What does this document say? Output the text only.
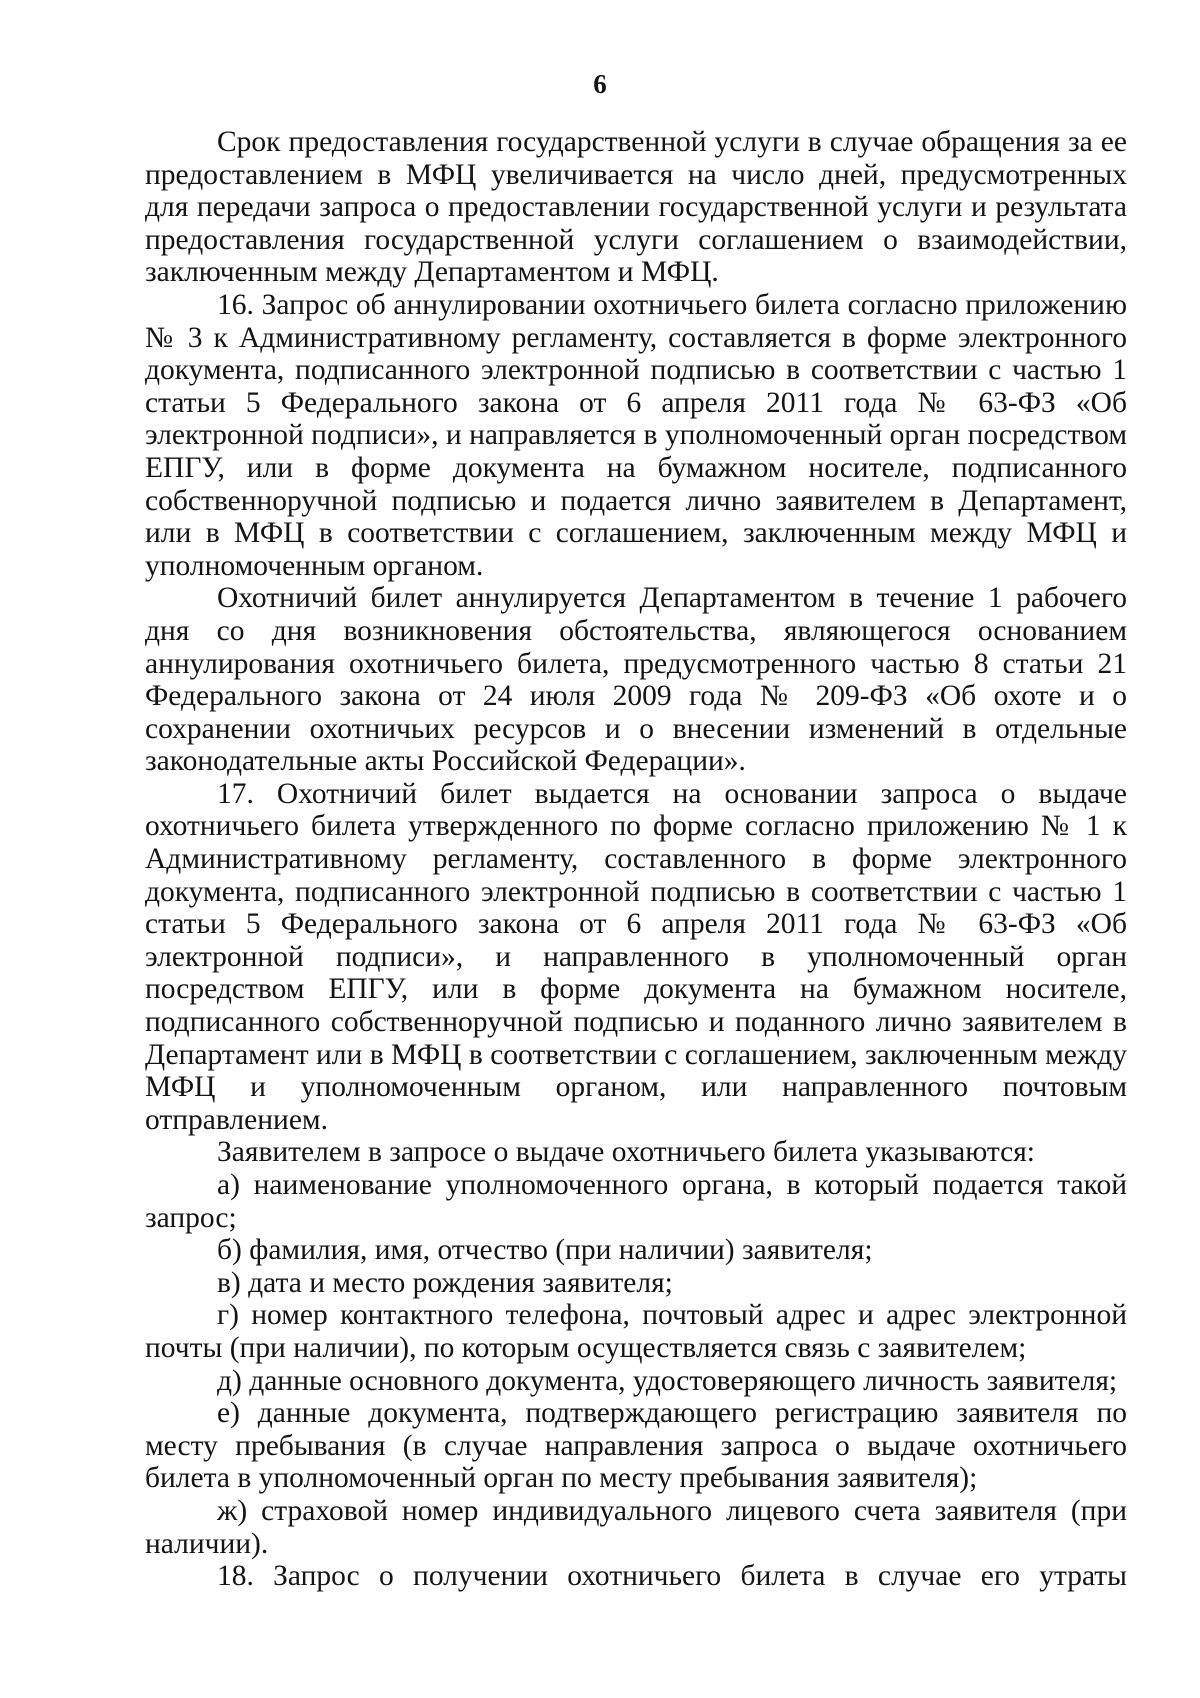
6

Срок предоставления государственной услуги в случае обращения за ее предоставлением в МФЦ увеличивается на число дней, предусмотренных для передачи запроса о предоставлении государственной услуги и результата предоставления государственной услуги соглашением о взаимодействии, заключенным между Департаментом и МФЦ.

16. Запрос об аннулировании охотничьего билета согласно приложению № 3 к Административному регламенту, составляется в форме электронного документа, подписанного электронной подписью в соответствии с частью 1 статьи 5 Федерального закона от 6 апреля 2011 года № 63-ФЗ «Об электронной подписи», и направляется в уполномоченный орган посредством ЕПГУ, или в форме документа на бумажном носителе, подписанного собственноручной подписью и подается лично заявителем в Департамент, или в МФЦ в соответствии с соглашением, заключенным между МФЦ и уполномоченным органом.

Охотничий билет аннулируется Департаментом в течение 1 рабочего дня со дня возникновения обстоятельства, являющегося основанием аннулирования охотничьего билета, предусмотренного частью 8 статьи 21 Федерального закона от 24 июля 2009 года № 209-ФЗ «Об охоте и о сохранении охотничьих ресурсов и о внесении изменений в отдельные законодательные акты Российской Федерации».

17. Охотничий билет выдается на основании запроса о выдаче охотничьего билета утвержденного по форме согласно приложению № 1 к Административному регламенту, составленного в форме электронного документа, подписанного электронной подписью в соответствии с частью 1 статьи 5 Федерального закона от 6 апреля 2011 года № 63-ФЗ «Об электронной подписи», и направленного в уполномоченный орган посредством ЕПГУ, или в форме документа на бумажном носителе, подписанного собственноручной подписью и поданного лично заявителем в Департамент или в МФЦ в соответствии с соглашением, заключенным между МФЦ и уполномоченным органом, или направленного почтовым отправлением.

Заявителем в запросе о выдаче охотничьего билета указываются:

а) наименование уполномоченного органа, в который подается такой запрос;

б) фамилия, имя, отчество (при наличии) заявителя;

в) дата и место рождения заявителя;

г) номер контактного телефона, почтовый адрес и адрес электронной почты (при наличии), по которым осуществляется связь с заявителем;

д) данные основного документа, удостоверяющего личность заявителя;

е) данные документа, подтверждающего регистрацию заявителя по месту пребывания (в случае направления запроса о выдаче охотничьего билета в уполномоченный орган по месту пребывания заявителя);

ж) страховой номер индивидуального лицевого счета заявителя (при наличии).

18. Запрос о получении охотничьего билета в случае его утраты
